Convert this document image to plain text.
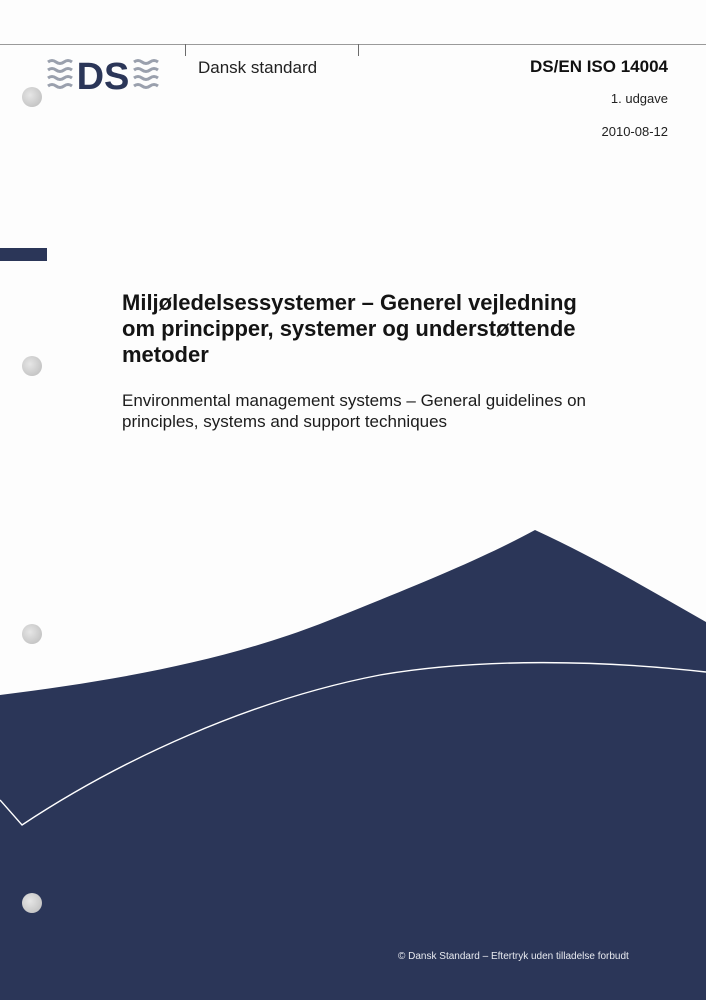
DS	Dansk standard	DS/EN ISO 14004
1. udgave
2010-08-12
Miljøledelsessystemer – Generel vejledning om principper, systemer og understøttende metoder
Environmental management systems – General guidelines on principles, systems and support techniques
© Dansk Standard – Eftertryk uden tilladelse forbudt
